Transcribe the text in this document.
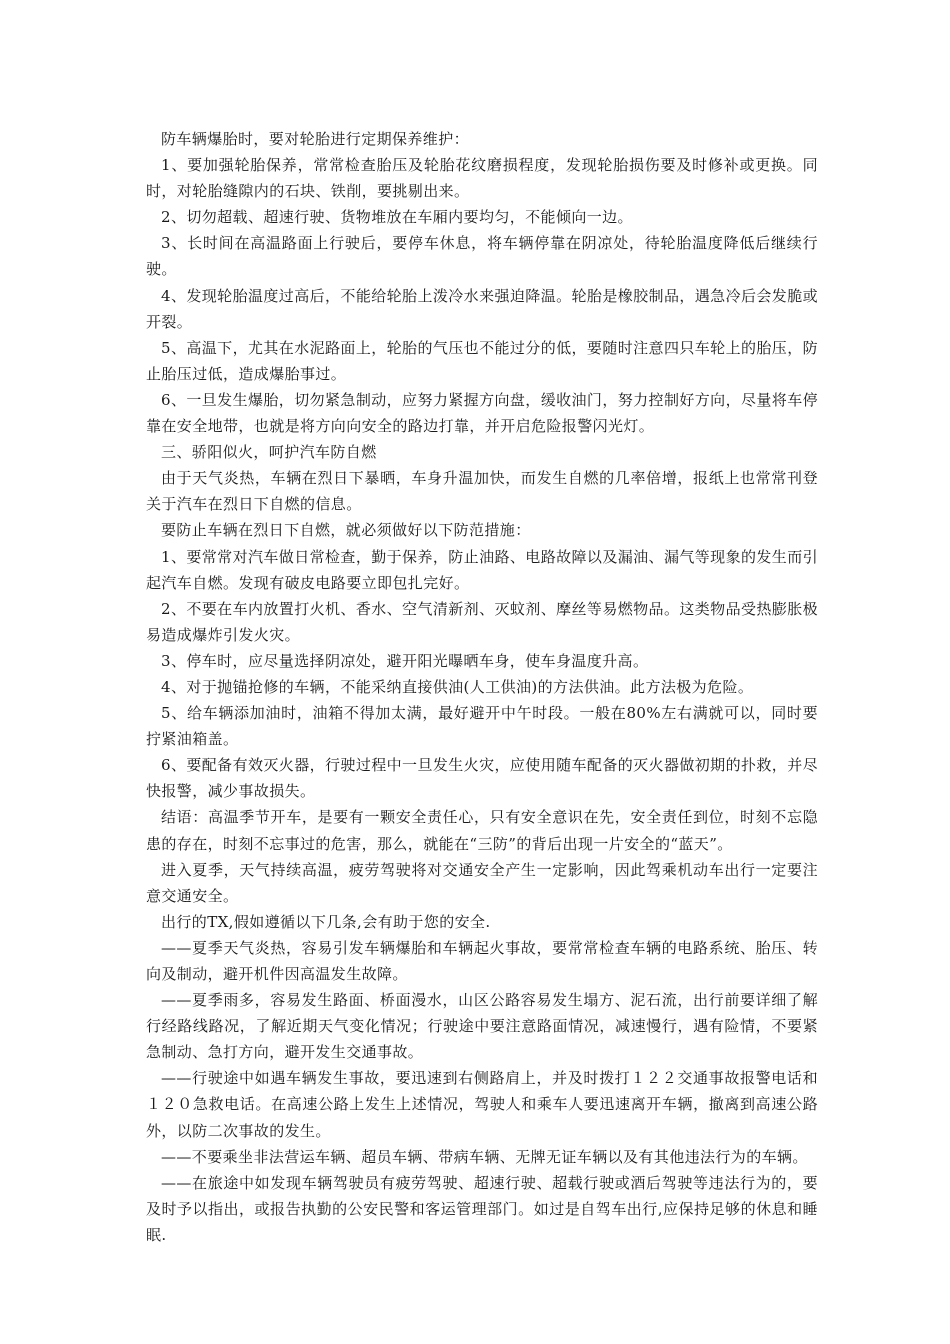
防车辆爆胎时，要对轮胎进行定期保养维护：

1、要加强轮胎保养，常常检查胎压及轮胎花纹磨损程度，发现轮胎损伤要及时修补或更换。同时，对轮胎缝隙内的石块、铁削，要挑剔出来。

2、切勿超载、超速行驶、货物堆放在车厢内要均匀，不能倾向一边。

3、长时间在高温路面上行驶后，要停车休息，将车辆停靠在阴凉处，待轮胎温度降低后继续行驶。

4、发现轮胎温度过高后，不能给轮胎上泼冷水来强迫降温。轮胎是橡胶制品，遇急冷后会发脆或开裂。

5、高温下，尤其在水泥路面上，轮胎的气压也不能过分的低，要随时注意四只车轮上的胎压，防止胎压过低，造成爆胎事过。

6、一旦发生爆胎，切勿紧急制动，应努力紧握方向盘，缓收油门，努力控制好方向，尽量将车停靠在安全地带，也就是将方向向安全的路边打靠，并开启危险报警闪光灯。

三、骄阳似火，呵护汽车防自燃

由于天气炎热，车辆在烈日下暴晒，车身升温加快，而发生自燃的几率倍增，报纸上也常常刊登关于汽车在烈日下自燃的信息。

要防止车辆在烈日下自燃，就必须做好以下防范措施：

1、要常常对汽车做日常检查，勤于保养，防止油路、电路故障以及漏油、漏气等现象的发生而引起汽车自燃。发现有破皮电路要立即包扎完好。

2、不要在车内放置打火机、香水、空气清新剂、灭蚊剂、摩丝等易燃物品。这类物品受热膨胀极易造成爆炸引发火灾。

3、停车时，应尽量选择阴凉处，避开阳光曝晒车身，使车身温度升高。

4、对于抛锚抢修的车辆，不能采纳直接供油(人工供油)的方法供油。此方法极为危险。

5、给车辆添加油时，油箱不得加太满，最好避开中午时段。一般在80%左右满就可以，同时要拧紧油箱盖。

6、要配备有效灭火器，行驶过程中一旦发生火灾，应使用随车配备的灭火器做初期的扑救，并尽快报警，减少事故损失。

结语：高温季节开车，是要有一颗安全责任心，只有安全意识在先，安全责任到位，时刻不忘隐患的存在，时刻不忘事过的危害，那么，就能在“三防”的背后出现一片安全的“蓝天”。

进入夏季，天气持续高温，疲劳驾驶将对交通安全产生一定影响，因此驾乘机动车出行一定要注意交通安全。

出行的TX,假如遵循以下几条,会有助于您的安全.

——夏季天气炎热，容易引发车辆爆胎和车辆起火事故，要常常检查车辆的电路系统、胎压、转向及制动，避开机件因高温发生故障。

——夏季雨多，容易发生路面、桥面漫水，山区公路容易发生塌方、泥石流，出行前要详细了解行经路线路况，了解近期天气变化情况；行驶途中要注意路面情况，减速慢行，遇有险情，不要紧急制动、急打方向，避开发生交通事故。

——行驶途中如遇车辆发生事故，要迅速到右侧路肩上，并及时拨打１２２交通事故报警电话和１２０急救电话。在高速公路上发生上述情况，驾驶人和乘车人要迅速离开车辆，撤离到高速公路外，以防二次事故的发生。

——不要乘坐非法营运车辆、超员车辆、带病车辆、无牌无证车辆以及有其他违法行为的车辆。

——在旅途中如发现车辆驾驶员有疲劳驾驶、超速行驶、超载行驶或酒后驾驶等违法行为的，要及时予以指出，或报告执勤的公安民警和客运管理部门。如过是自驾车出行,应保持足够的休息和睡眠.
